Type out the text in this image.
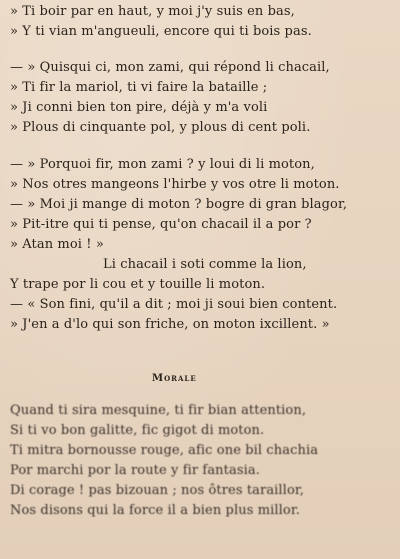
» Ti boir par en haut, y moi j'y suis en bas,
» Y ti vian m'angueuli, encore qui ti bois pas.
— » Quisqui ci, mon zami, qui répond li chacail,
» Ti fir la mariol, ti vi faire la bataille ;
» Ji conni bien ton pire, déjà y m'a voli
» Plous di cinquante pol, y plous di cent poli.
— » Porquoi fir, mon zami ? y loui di li moton,
» Nos otres mangeons l'hirbe y vos otre li moton.
— » Moi ji mange di moton ? bogre di gran blagor,
» Pit-itre qui ti pense, qu'on chacail il a por ?
» Atan moi ! »
Li chacail i soti comme la lion,
Y trape por li cou et y touille li moton.
— « Son fini, qu'il a dit ; moi ji soui bien content.
» J'en a d'lo qui son friche, on moton ixcillent. »
Morale
Quand ti sira mesquine, ti fir bian attention,
Si ti vo bon galitte, fic gigot di moton.
Ti mitra bornousse rouge, afic one bil chachia
Por marchi por la route y fir fantasia.
Di corage ! pas bizouan ; nos ôtres taraillor,
Nos disons qui la force il a bien plus millor.
